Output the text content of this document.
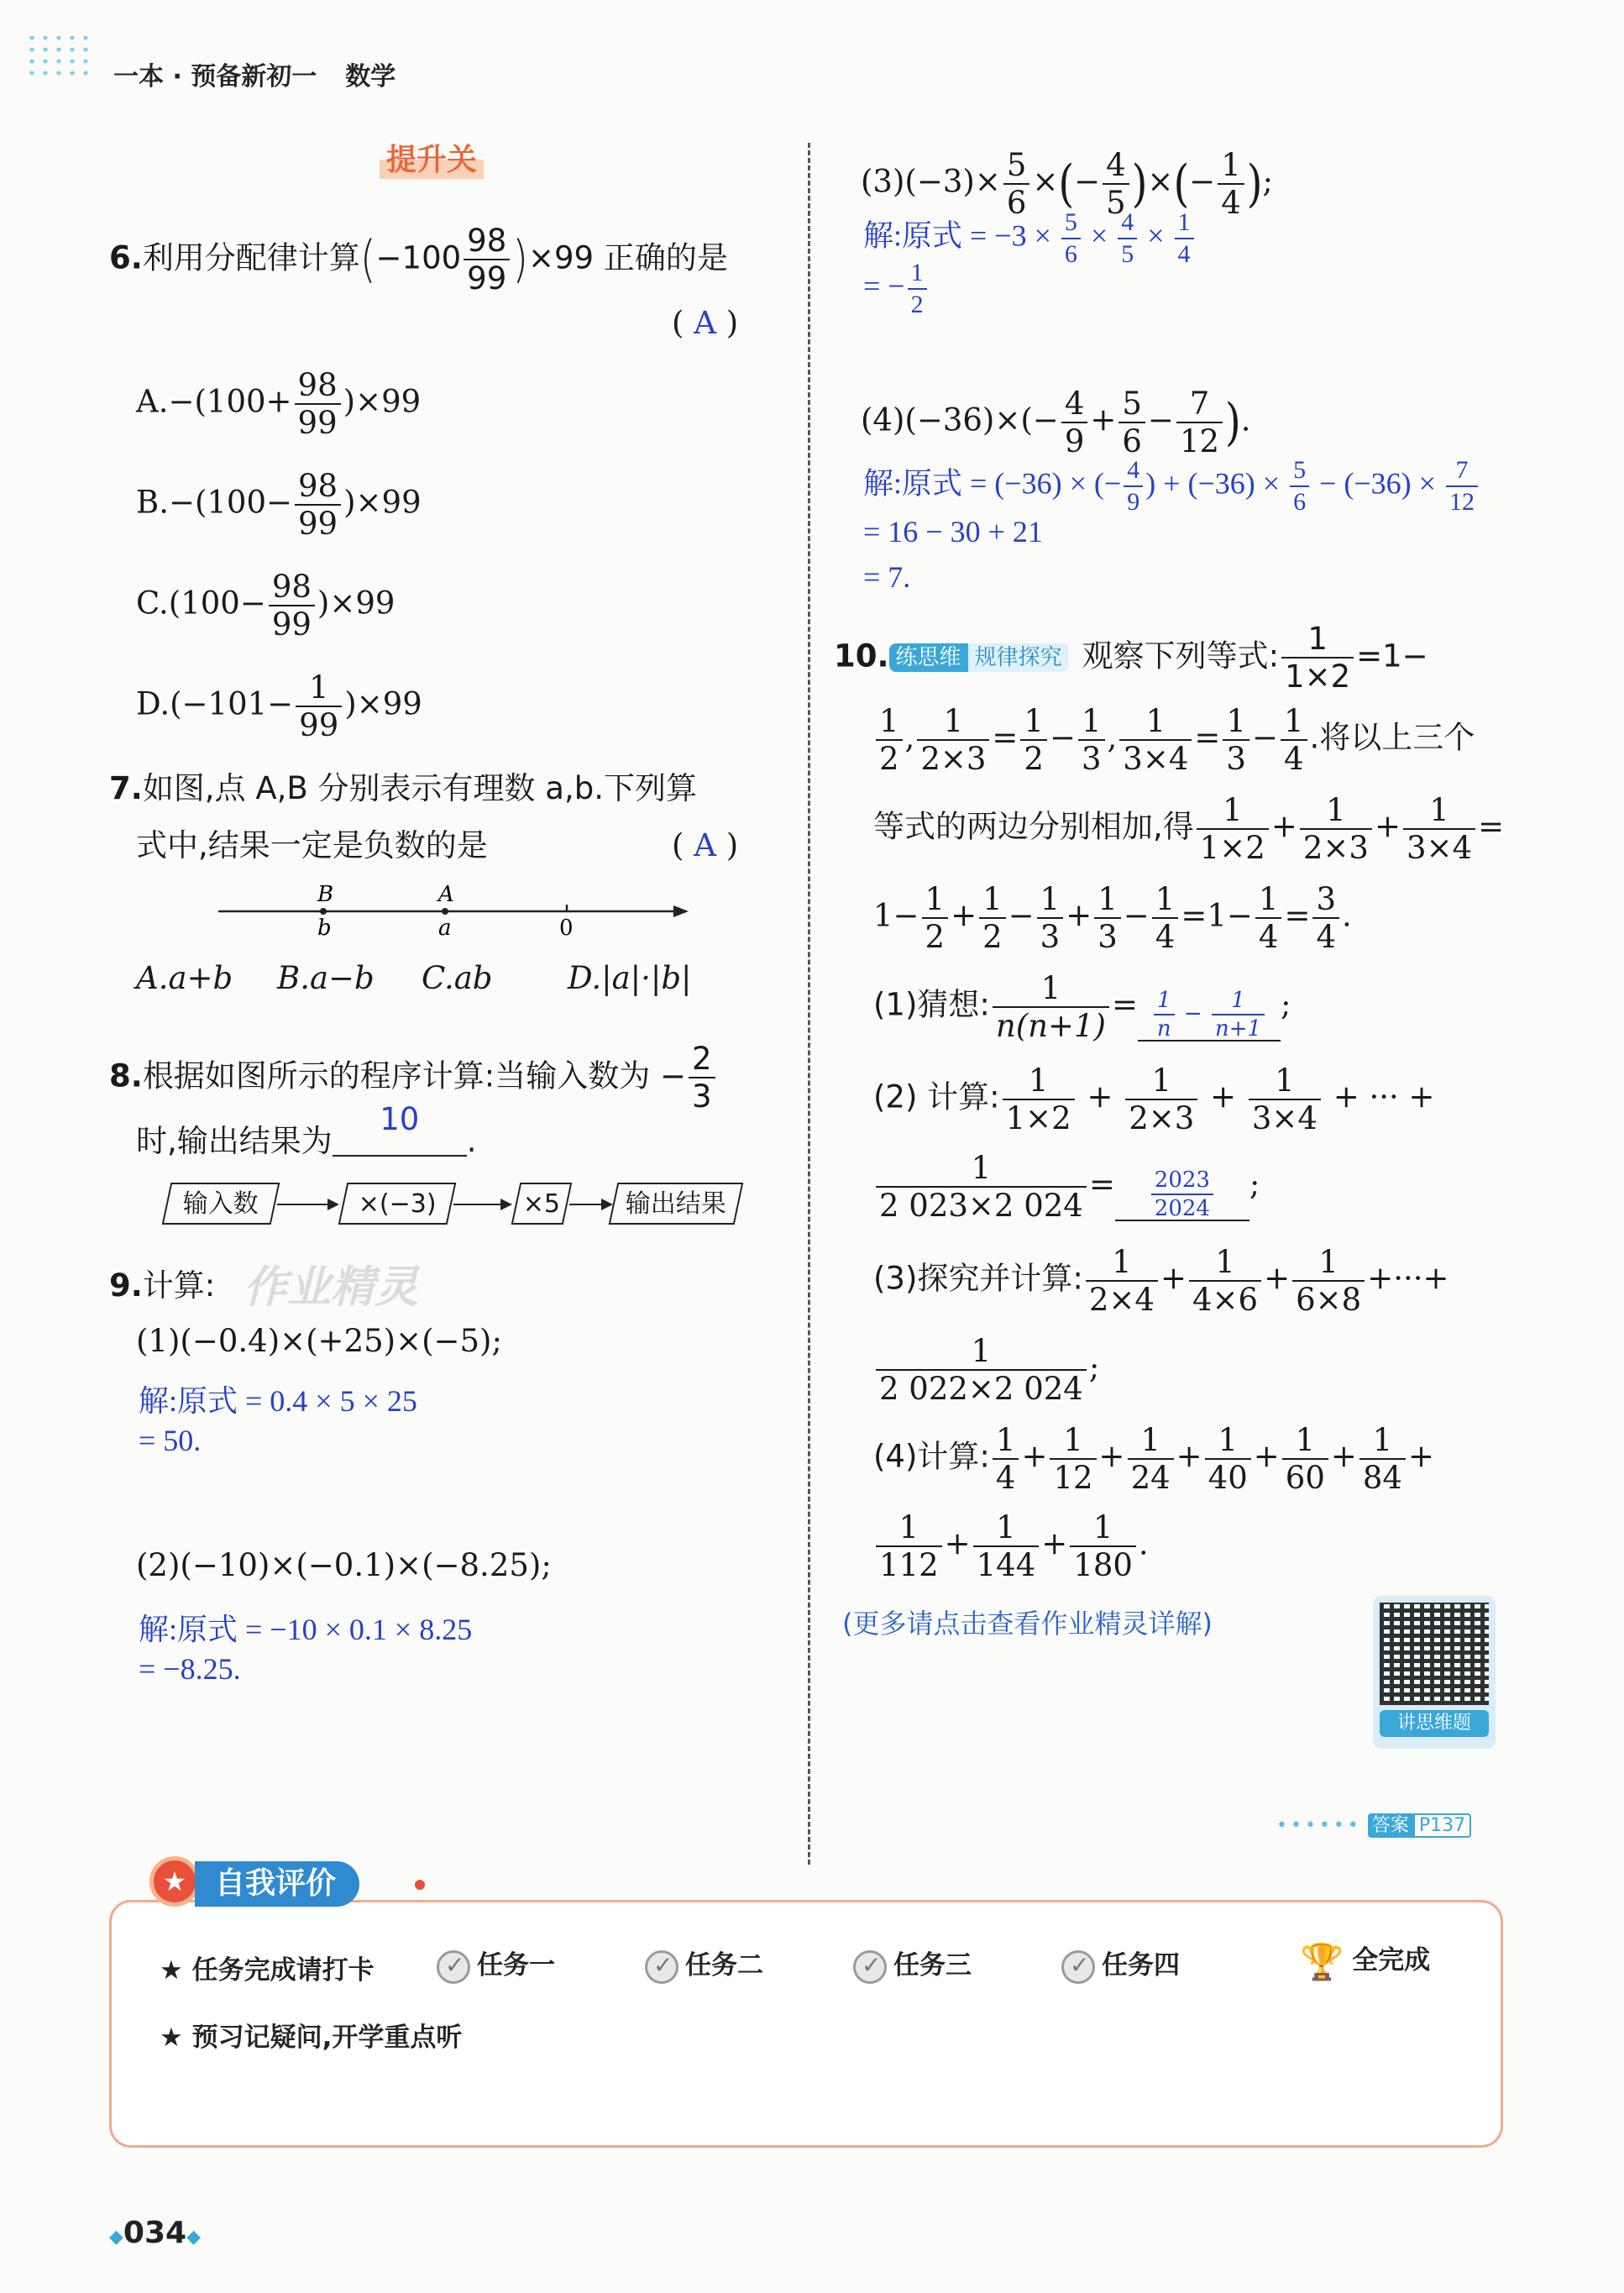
一本 · 预备新初一 数学
提升关
6.利用分配律计算$(-100 \frac{98}{99} )\times 99$ 正确的是
( A )
$A.-(100+ \frac{98}{99} )\times 99$
$B.-(100- \frac{98}{99} )\times 99$
$C.(100- \frac{98}{99} )\times 99$
$D.(-101- \frac{1}{99} )\times 99$
7.如图,点 A,B 分别表示有理数 a,b.下列算
式中,结果一定是负数的是	( A )
B
b
A
a	0
A.a+b B.a−b C.ab D.|a|·|b|
8.根据如图所示的程序计算:当输入数为 − $\frac{2}{3}$
时,输出结果为10.
输入数	×(−3)	×5	输出结果
9.计算: 作业精灵
(1)(−0.4)×(+25)×(−5);
解:原式 = 0.4 × 5 × 25
= 50.
(2)(−10)×(−0.1)×(−8.25);
解:原式 = −10 × 0.1 × 8.25
= −8.25.
$(3)(-3)\times \frac{5}{6}$ ×(− $\frac{4}{5}$ )×(− $\frac{1}{4}$ );
解:原式 = $-3 \times \frac{5}{6} \times \frac{4}{5} \times \frac{1}{4}$
= − $\frac{1}{2}$
$(4)(-36)\times(- \frac{4}{9} + \frac{5}{6} - \frac{7}{12}$ ).
解:原式 = (−36) × (− $\frac{4}{9}$ ) + $(-36) \times \frac{5}{6} - (-36) \times \frac{7}{12}$
= 16 − 30 + 21
= 7.
10. 练思维 规律探究 观察下列等式: $\frac{1}{1\times 2} =1-$
$\frac{1}{2}$ , $\frac{1}{2\times 3} = \frac{1}{2} - \frac{1}{3}$ , $\frac{1}{3\times 4} = \frac{1}{3} - \frac{1}{4}$ .将以上三个
等式的两边分别相加,得 $\frac{1}{1\times 2} + \frac{1}{2\times 3} + \frac{1}{3\times 4}$ =
$1- \frac{1}{2} + \frac{1}{2} - \frac{1}{3} + \frac{1}{3} - \frac{1}{4} =1- \frac{1}{4} = \frac{3}{4}$ .
(1)猜想: $\frac{1}{n(n+1)} = \frac{1}{n} - \frac{1}{n+1}$ ;
(2) 计算: $\frac{1}{1\times 2} + \frac{1}{2\times 3} + \frac{1}{3\times 4}$ + ··· +
$\frac{1}{2 023\times 2 024} = \frac{2023}{2024}$ ;
(3)探究并计算: $\frac{1}{2\times 4} + \frac{1}{4\times 6} + \frac{1}{6\times 8}$ +···+
$\frac{1}{2 022\times 2 024}$ ;
(4)计算: $\frac{1}{4} + \frac{1}{12} + \frac{1}{24} + \frac{1}{40} + \frac{1}{60} + \frac{1}{84}$ +
$\frac{1}{112} + \frac{1}{144} + \frac{1}{180}$ .
(更多请点击查看作业精灵详解)
讲思维题
•••••• 答案 P137
★ 自我评价
★ 任务完成请打卡 ✓	任务一 ✓	任务二 ✓	任务三 ✓	任务四	🏆 全完成
★ 预习记疑问,开学重点听
◆034◆
